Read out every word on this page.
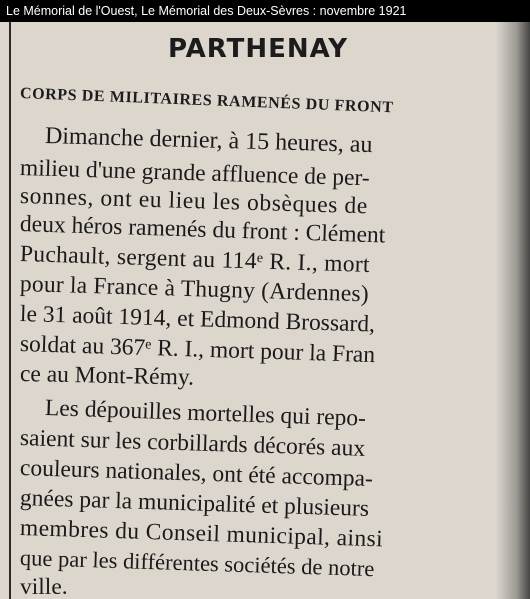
Le Mémorial de l'Ouest, Le Mémorial des Deux-Sèvres : novembre 1921
PARTHENAY
CORPS DE MILITAIRES RAMENÉS DU FRONT
Dimanche dernier, à 15 heures, au
milieu d'une grande affluence de per-
sonnes, ont eu lieu les obsèques de
deux héros ramenés du front : Clément
Puchault, sergent au 114ᵉ R. I., mort
pour la France à Thugny (Ardennes)
le 31 août 1914, et Edmond Brossard,
soldat au 367ᵉ R. I., mort pour la Fran
ce au Mont-Rémy.
Les dépouilles mortelles qui repo-
saient sur les corbillards décorés aux
couleurs nationales, ont été accompa-
gnées par la municipalité et plusieurs
membres du Conseil municipal, ainsi
que par les différentes sociétés de notre
ville.
